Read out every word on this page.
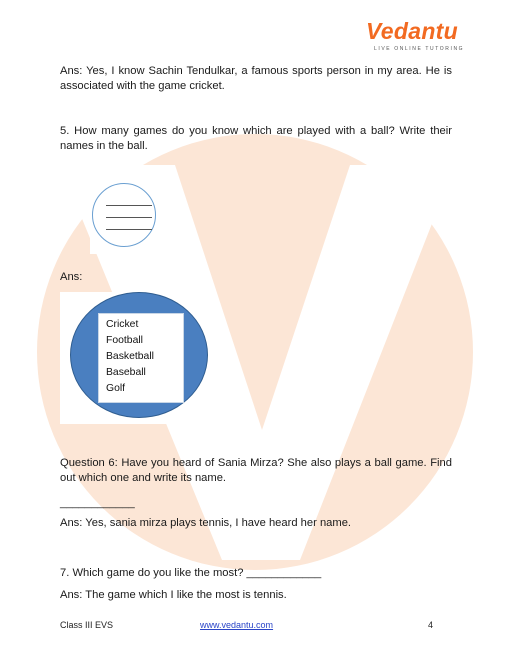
Vedantu
LIVE ONLINE TUTORING
Ans: Yes, I know Sachin Tendulkar, a famous sports person in my area. He is associated with the game cricket.
5. How many games do you know which are played with a ball? Write their names in the ball.
Ans:
Cricket
Football
Basketball
Baseball
Golf
Question 6: Have you heard of Sania Mirza? She also plays a ball game. Find out which one and write its name.
____________
Ans: Yes, sania mirza plays tennis, I have heard her name.
7. Which game do you like the most? ____________
Ans: The game which I like the most is tennis.
Class III EVS	www.vedantu.com	4
